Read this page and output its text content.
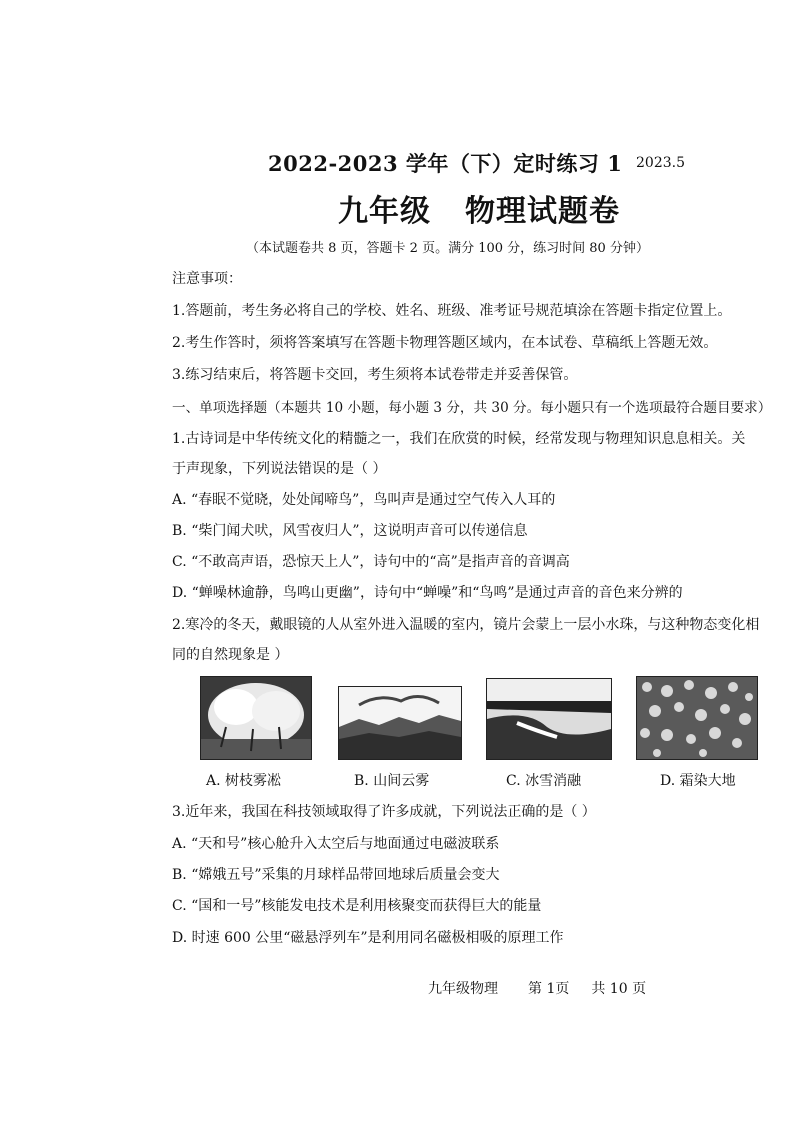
2022-2023 学年（下）定时练习 1 2023.5
九年级 物理试题卷
（本试题卷共 8 页，答题卡 2 页。满分 100 分，练习时间 80 分钟）
注意事项：
1.答题前，考生务必将自己的学校、姓名、班级、准考证号规范填涂在答题卡指定位置上。
2.考生作答时，须将答案填写在答题卡物理答题区域内，在本试卷、草稿纸上答题无效。
3.练习结束后，将答题卡交回，考生须将本试卷带走并妥善保管。
一、单项选择题（本题共 10 小题，每小题 3 分，共 30 分。每小题只有一个选项最符合题目要求）
1.古诗词是中华传统文化的精髓之一，我们在欣赏的时候，经常发现与物理知识息息相关。关
于声现象，下列说法错误的是（ ）
A. “春眠不觉晓，处处闻啼鸟”，鸟叫声是通过空气传入人耳的
B. “柴门闻犬吠，风雪夜归人”，这说明声音可以传递信息
C. “不敢高声语，恐惊天上人”，诗句中的“高”是指声音的音调高
D. “蝉噪林逾静，鸟鸣山更幽”，诗句中“蝉噪”和“鸟鸣”是通过声音的音色来分辨的
2.寒冷的冬天，戴眼镜的人从室外进入温暖的室内，镜片会蒙上一层小水珠，与这种物态变化相
同的自然现象是 ）
A. 树枝雾凇	B. 山间云雾	C. 冰雪消融	D. 霜染大地
3.近年来，我国在科技领域取得了许多成就，下列说法正确的是（ ）
A. “天和号”核心舱升入太空后与地面通过电磁波联系
B. “嫦娥五号”采集的月球样品带回地球后质量会变大
C. “国和一号”核能发电技术是利用核聚变而获得巨大的能量
D. 时速 600 公里“磁悬浮列车”是利用同名磁极相吸的原理工作
九年级物理 第 1页 共 10 页
